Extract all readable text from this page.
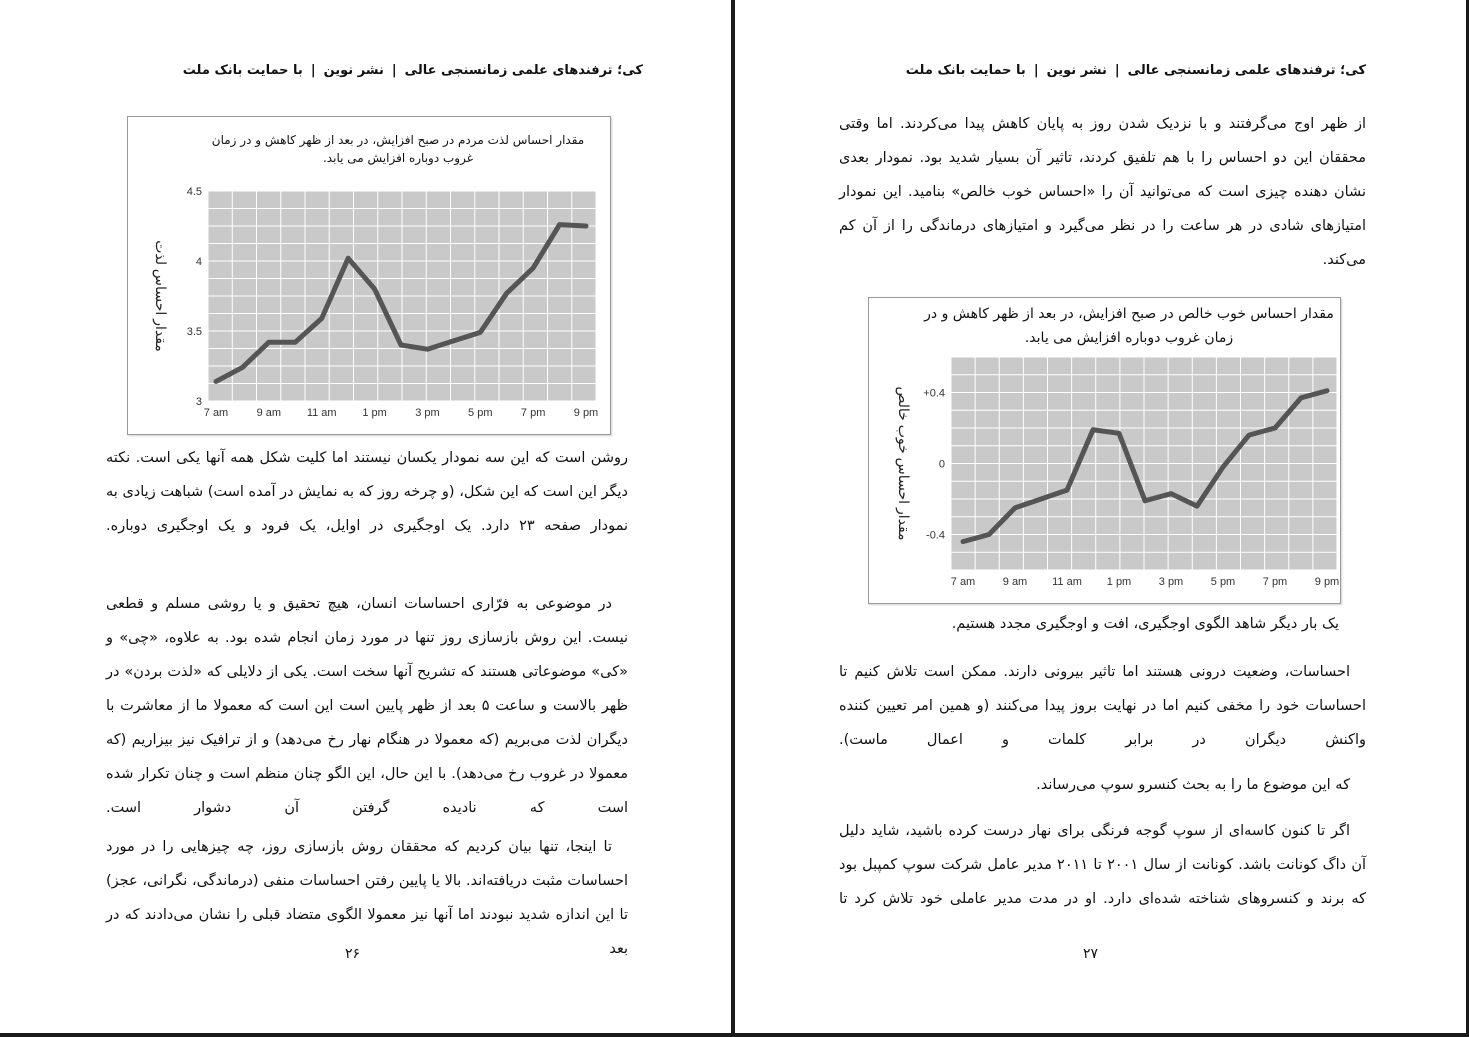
کی؛ ترفندهای علمی زمانسنجی عالی|نشر نوین|با حمایت بانک ملت
مقدار احساس لذت مردم در صبح افزایش، در بعد از ظهر کاهش و در زمان غروب دوباره افزایش می یابد.
3
3.5
4
4.5
7 am	9 am 11 am 1 pm	3 pm	5 pm	7 pm	9 pm
مقدار احساس لذت

روشن است که این سه نمودار یکسان نیستند اما کلیت شکل همه آنها یکی است. نکته دیگر این است که این شکل، (و چرخه روز که به نمایش در آمده است) شباهت زیادی به نمودار صفحه ۲۳ دارد. یک اوجگیری در اوایل، یک فرود و یک اوجگیری دوباره.

در موضوعی به فرّاری احساسات انسان، هیچ تحقیق و یا روشی مسلم و قطعی نیست. این روش بازسازی روز تنها در مورد زمان انجام شده بود. به علاوه، «چی» و «کی» موضوعاتی هستند که تشریح آنها سخت است. یکی از دلایلی که «لذت بردن» در ظهر بالاست و ساعت ۵ بعد از ظهر پایین است این است که معمولا ما از معاشرت با دیگران لذت می‌بریم (که معمولا در هنگام نهار رخ می‌دهد) و از ترافیک نیز بیزاریم (که معمولا در غروب رخ می‌دهد). با این حال، این الگو چنان منظم است و چنان تکرار شده است که نادیده گرفتن آن دشوار است.

تا اینجا، تنها بیان کردیم که محققان روش بازسازی روز، چه چیزهایی را در مورد احساسات مثبت دریافته‌اند. بالا یا پایین رفتن احساسات منفی (درماندگی، نگرانی، عجز) تا این اندازه شدید نبودند اما آنها نیز معمولا الگوی متضاد قبلی را نشان می‌دادند که در بعد

۲۶
کی؛ ترفندهای علمی زمانسنجی عالی|نشر نوین|با حمایت بانک ملت

از ظهر اوج می‌گرفتند و با نزدیک شدن روز به پایان کاهش پیدا می‌کردند. اما وقتی محققان این دو احساس را با هم تلفیق کردند، تاثیر آن بسیار شدید بود. نمودار بعدی نشان دهنده چیزی است که می‌توانید آن را «احساس خوب خالص» بنامید. این نمودار امتیازهای شادی در هر ساعت را در نظر می‌گیرد و امتیازهای درماندگی را از آن کم می‌کند.

مقدار احساس خوب خالص در صبح افزایش، در بعد از ظهر کاهش و در زمان غروب دوباره افزایش می یابد.
-0.4
0
+0.4
7 am	9 am 11 am 1 pm	3 pm	5 pm	7 pm	9 pm
مقدار احساس خوب خالص
یک بار دیگر شاهد الگوی اوجگیری، افت و اوجگیری مجدد هستیم.

احساسات، وضعیت درونی هستند اما تاثیر بیرونی دارند. ممکن است تلاش کنیم تا احساسات خود را مخفی کنیم اما در نهایت بروز پیدا می‌کنند (و همین امر تعیین کننده واکنش دیگران در برابر کلمات و اعمال ماست).

که این موضوع ما را به بحث کنسرو سوپ می‌رساند.

اگر تا کنون کاسه‌ای از سوپ گوجه فرنگی برای نهار درست کرده باشید، شاید دلیل آن داگ کونانت باشد. کونانت از سال ۲۰۰۱ تا ۲۰۱۱ مدیر عامل شرکت سوپ کمپبل بود که برند و کنسروهای شناخته شده‌ای دارد. او در مدت مدیر عاملی خود تلاش کرد تا

۲۷
